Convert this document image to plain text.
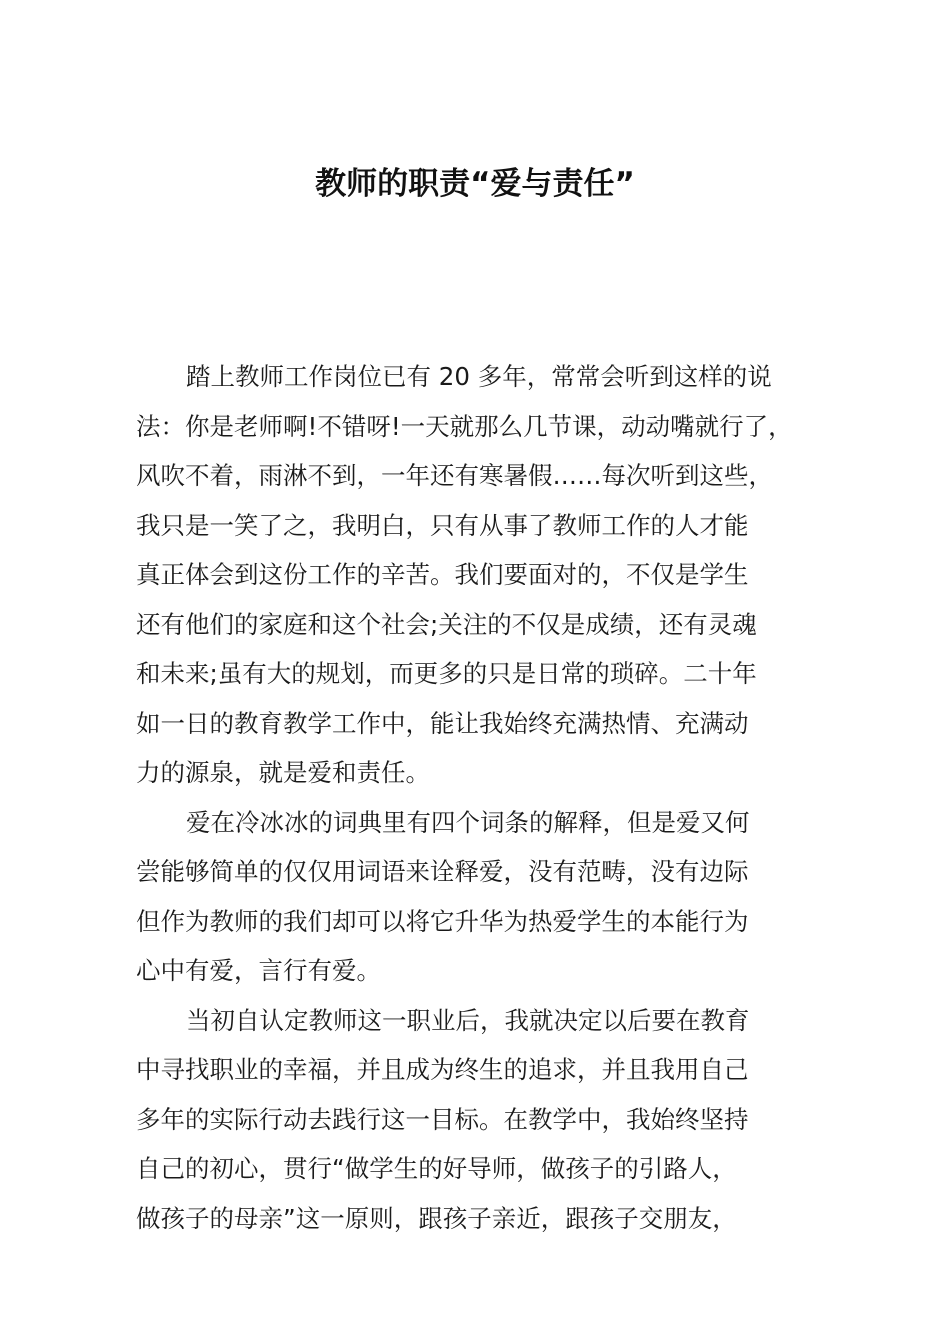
教师的职责“爱与责任”

踏上教师工作岗位已有 20 多年，常常会听到这样的说
法：你是老师啊!不错呀!一天就那么几节课，动动嘴就行了，
风吹不着，雨淋不到，一年还有寒暑假……每次听到这些，
我只是一笑了之，我明白，只有从事了教师工作的人才能
真正体会到这份工作的辛苦。我们要面对的，不仅是学生
还有他们的家庭和这个社会;关注的不仅是成绩，还有灵魂
和未来;虽有大的规划，而更多的只是日常的琐碎。二十年
如一日的教育教学工作中，能让我始终充满热情、充满动
力的源泉，就是爱和责任。

爱在冷冰冰的词典里有四个词条的解释，但是爱又何
尝能够简单的仅仅用词语来诠释爱，没有范畴，没有边际
但作为教师的我们却可以将它升华为热爱学生的本能行为
心中有爱，言行有爱。

当初自认定教师这一职业后，我就决定以后要在教育
中寻找职业的幸福，并且成为终生的追求，并且我用自己
多年的实际行动去践行这一目标。在教学中，我始终坚持
自己的初心，贯行“做学生的好导师，做孩子的引路人，
做孩子的母亲”这一原则，跟孩子亲近，跟孩子交朋友，
